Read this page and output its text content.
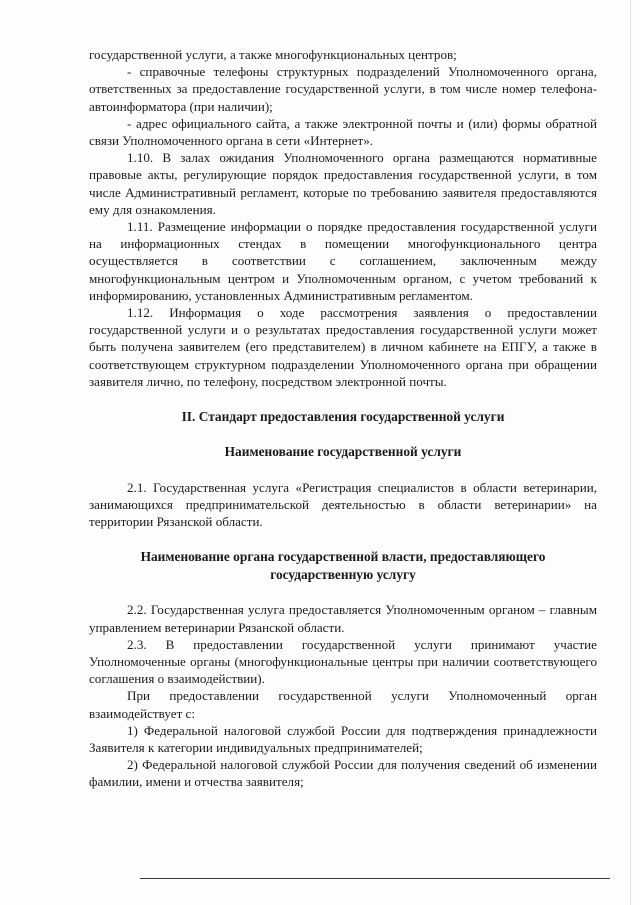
государственной услуги, а также многофункциональных центров;

- справочные телефоны структурных подразделений Уполномоченного органа, ответственных за предоставление государственной услуги, в том числе номер телефона-автоинформатора (при наличии);

- адрес официального сайта, а также электронной почты и (или) формы обратной связи Уполномоченного органа в сети «Интернет».

1.10. В залах ожидания Уполномоченного органа размещаются нормативные правовые акты, регулирующие порядок предоставления государственной услуги, в том числе Административный регламент, которые по требованию заявителя предоставляются ему для ознакомления.

1.11. Размещение информации о порядке предоставления государственной услуги на информационных стендах в помещении многофункционального центра осуществляется в соответствии с соглашением, заключенным между многофункциональным центром и Уполномоченным органом, с учетом требований к информированию, установленных Административным регламентом.

1.12. Информация о ходе рассмотрения заявления о предоставлении государственной услуги и о результатах предоставления государственной услуги может быть получена заявителем (его представителем) в личном кабинете на ЕПГУ, а также в соответствующем структурном подразделении Уполномоченного органа при обращении заявителя лично, по телефону, посредством электронной почты.

II. Стандарт предоставления государственной услуги

Наименование государственной услуги

2.1. Государственная услуга «Регистрация специалистов в области ветеринарии, занимающихся предпринимательской деятельностью в области ветеринарии» на территории Рязанской области.

Наименование органа государственной власти, предоставляющего государственную услугу

2.2. Государственная услуга предоставляется Уполномоченным органом – главным управлением ветеринарии Рязанской области.

2.3. В предоставлении государственной услуги принимают участие Уполномоченные органы (многофункциональные центры при наличии соответствующего соглашения о взаимодействии).

При предоставлении государственной услуги Уполномоченный орган взаимодействует с:

1) Федеральной налоговой службой России для подтверждения принадлежности Заявителя к категории индивидуальных предпринимателей;

2) Федеральной налоговой службой России для получения сведений об изменении фамилии, имени и отчества заявителя;
